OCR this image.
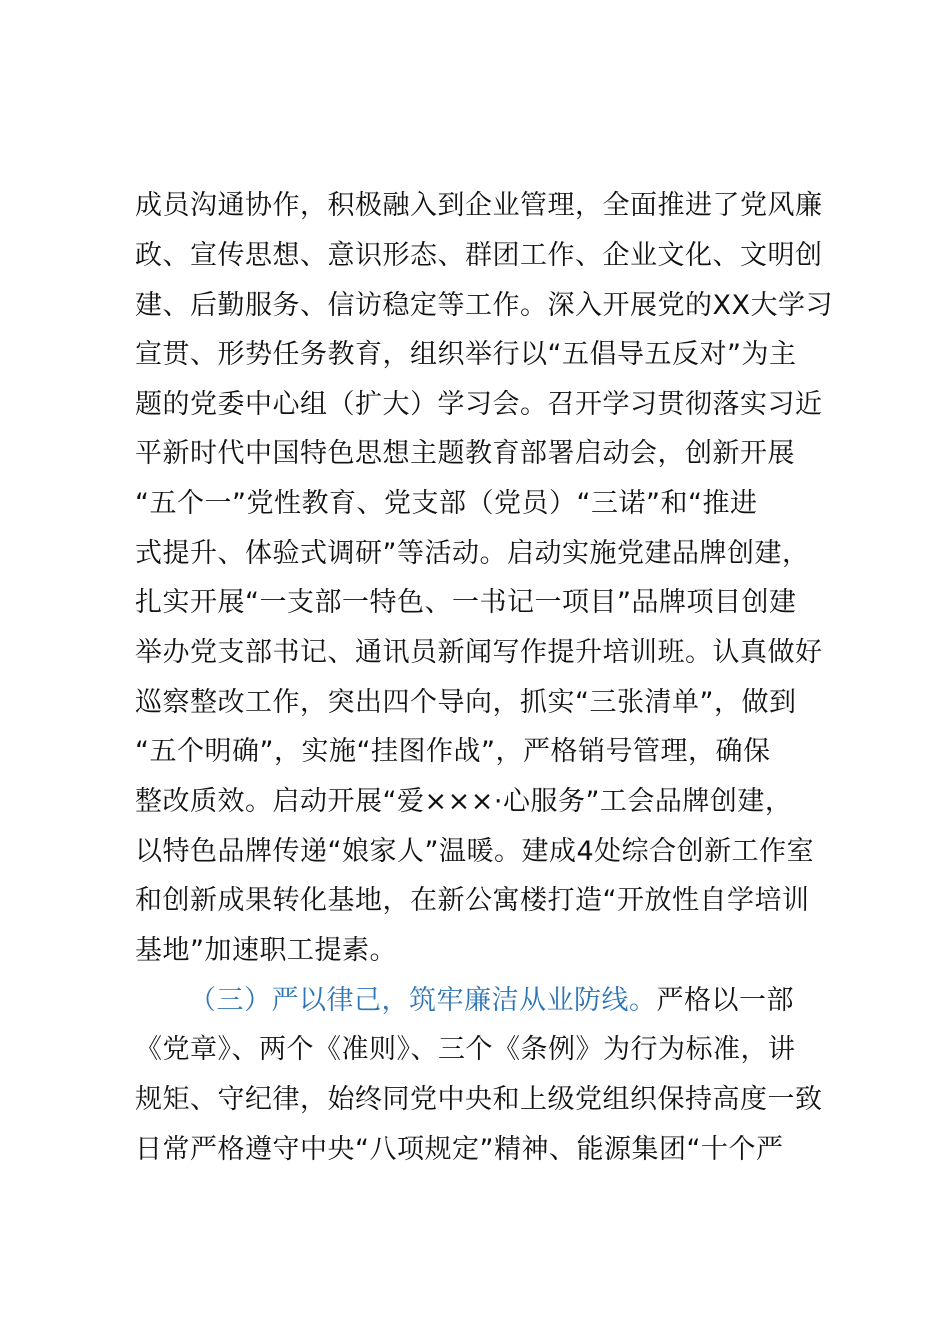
成员沟通协作，积极融入到企业管理，全面推进了党风廉
政、宣传思想、意识形态、群团工作、企业文化、文明创
建、后勤服务、信访稳定等工作。深入开展党的XX大学习
宣贯、形势任务教育，组织举行以“五倡导五反对”为主
题的党委中心组（扩大）学习会。召开学习贯彻落实习近
平新时代中国特色思想主题教育部署启动会，创新开展
“五个一”党性教育、党支部（党员）“三诺”和“推进
式提升、体验式调研”等活动。启动实施党建品牌创建，
扎实开展“一支部一特色、一书记一项目”品牌项目创建
举办党支部书记、通讯员新闻写作提升培训班。认真做好
巡察整改工作，突出四个导向，抓实“三张清单”，做到
“五个明确”，实施“挂图作战”，严格销号管理，确保
整改质效。启动开展“爱×××·心服务”工会品牌创建，
以特色品牌传递“娘家人”温暖。建成4处综合创新工作室
和创新成果转化基地，在新公寓楼打造“开放性自学培训
基地”加速职工提素。
（三）严以律己，筑牢廉洁从业防线。严格以一部
《党章》、两个《准则》、三个《条例》为行为标准，讲
规矩、守纪律，始终同党中央和上级党组织保持高度一致
日常严格遵守中央“八项规定”精神、能源集团“十个严
